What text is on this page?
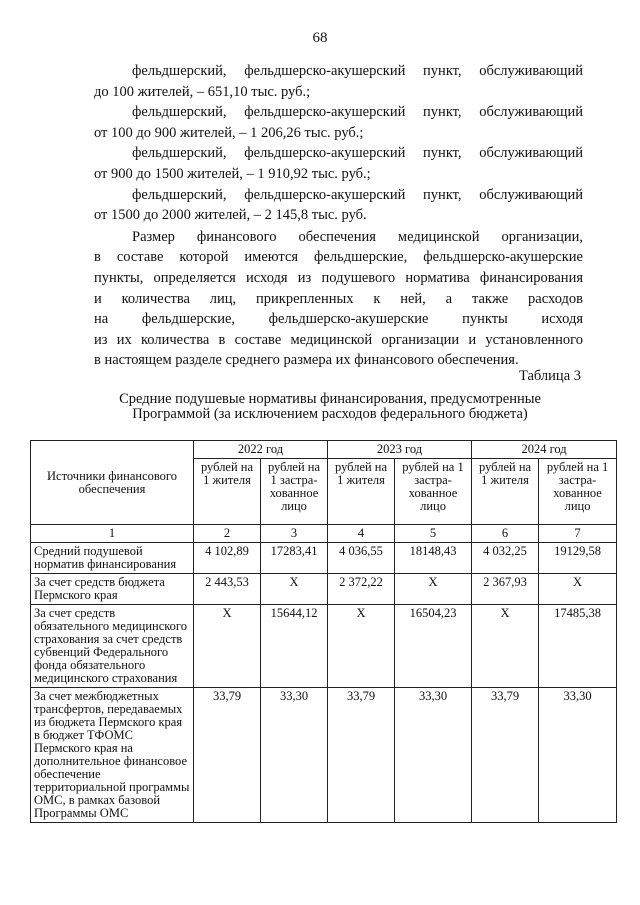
68
фельдшерский, фельдшерско-акушерский пункт, обслуживающий
до 100 жителей, – 651,10 тыс. руб.;
фельдшерский, фельдшерско-акушерский пункт, обслуживающий
от 100 до 900 жителей, – 1 206,26 тыс. руб.;
фельдшерский, фельдшерско-акушерский пункт, обслуживающий
от 900 до 1500 жителей, – 1 910,92 тыс. руб.;
фельдшерский, фельдшерско-акушерский пункт, обслуживающий
от 1500 до 2000 жителей, – 2 145,8 тыс. руб.
Размер финансового обеспечения медицинской организации,
в составе которой имеются фельдшерские, фельдшерско-акушерские
пункты, определяется исходя из подушевого норматива финансирования
и количества лиц, прикрепленных к ней, а также расходов
на фельдшерские, фельдшерско-акушерские пункты исходя
из их количества в составе медицинской организации и установленного
в настоящем разделе среднего размера их финансового обеспечения.
Таблица 3
Средние подушевые нормативы финансирования, предусмотренные
Программой (за исключением расходов федерального бюджета)
Источники финансового обеспечения	2022 год		2023 год		2024 год	
	рублей на 1 жителя	рублей на 1 застра-хованное лицо	рублей на 1 жителя	рублей на 1 застра-хованное лицо	рублей на 1 жителя	рублей на 1 застра-хованное лицо
1	2	3	4	5	6	7
Средний подушевой норматив финансирования	4 102,89	17283,41	4 036,55	18148,43	4 032,25	19129,58
За счет средств бюджета Пермского края	2 443,53	X	2 372,22	X	2 367,93	X
За счет средств обязательного медицинского страхования за счет средств субвенций Федерального фонда обязательного медицинского страхования	X	15644,12	X	16504,23	X	17485,38
За счет межбюджетных трансфертов, передаваемых из бюджета Пермского края в бюджет ТФОМС Пермского края на дополнительное финансовое обеспечение территориальной программы ОМС, в рамках базовой Программы ОМС	33,79	33,30	33,79	33,30	33,79	33,30
